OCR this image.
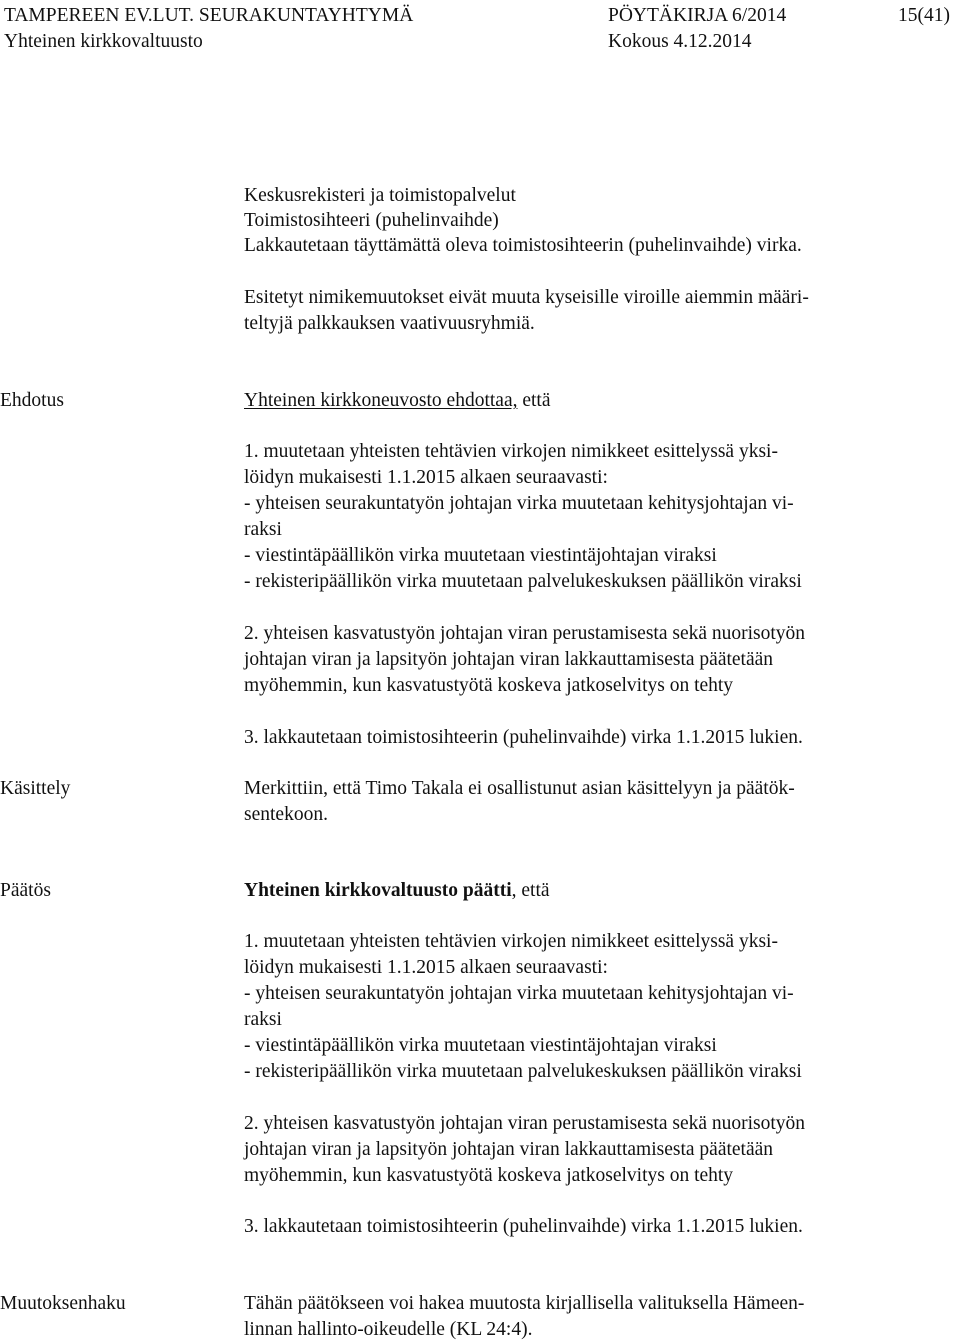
TAMPEREEN EV.LUT. SEURAKUNTAYHTYMÄ	PÖYTÄKIRJA 6/2014	15(41)
Yhteinen kirkkovaltuusto	Kokous 4.12.2014
Keskusrekisteri ja toimistopalvelut
Toimistosihteeri (puhelinvaihde)
Lakkautetaan täyttämättä oleva toimistosihteerin (puhelinvaihde) virka.
Esitetyt nimikemuutokset eivät muuta kyseisille viroille aiemmin määri-
teltyjä palkkauksen vaativuusryhmiä.
Ehdotus	Yhteinen kirkkoneuvosto ehdottaa, että
1. muutetaan yhteisten tehtävien virkojen nimikkeet esittelyssä yksi-
löidyn mukaisesti 1.1.2015 alkaen seuraavasti:
- yhteisen seurakuntatyön johtajan virka muutetaan kehitysjohtajan vi-
raksi
- viestintäpäällikön virka muutetaan viestintäjohtajan viraksi
- rekisteripäällikön virka muutetaan palvelukeskuksen päällikön viraksi
2. yhteisen kasvatustyön johtajan viran perustamisesta sekä nuorisotyön
johtajan viran ja lapsityön johtajan viran lakkauttamisesta päätetään
myöhemmin, kun kasvatustyötä koskeva jatkoselvitys on tehty
3. lakkautetaan toimistosihteerin (puhelinvaihde) virka 1.1.2015 lukien.
Käsittely	Merkittiin, että Timo Takala ei osallistunut asian käsittelyyn ja päätök-
sentekoon.
Päätös	Yhteinen kirkkovaltuusto päätti, että
1. muutetaan yhteisten tehtävien virkojen nimikkeet esittelyssä yksi-
löidyn mukaisesti 1.1.2015 alkaen seuraavasti:
- yhteisen seurakuntatyön johtajan virka muutetaan kehitysjohtajan vi-
raksi
- viestintäpäällikön virka muutetaan viestintäjohtajan viraksi
- rekisteripäällikön virka muutetaan palvelukeskuksen päällikön viraksi
2. yhteisen kasvatustyön johtajan viran perustamisesta sekä nuorisotyön
johtajan viran ja lapsityön johtajan viran lakkauttamisesta päätetään
myöhemmin, kun kasvatustyötä koskeva jatkoselvitys on tehty
3. lakkautetaan toimistosihteerin (puhelinvaihde) virka 1.1.2015 lukien.
Muutoksenhaku	Tähän päätökseen voi hakea muutosta kirjallisella valituksella Hämeen-
linnan hallinto-oikeudelle (KL 24:4).
